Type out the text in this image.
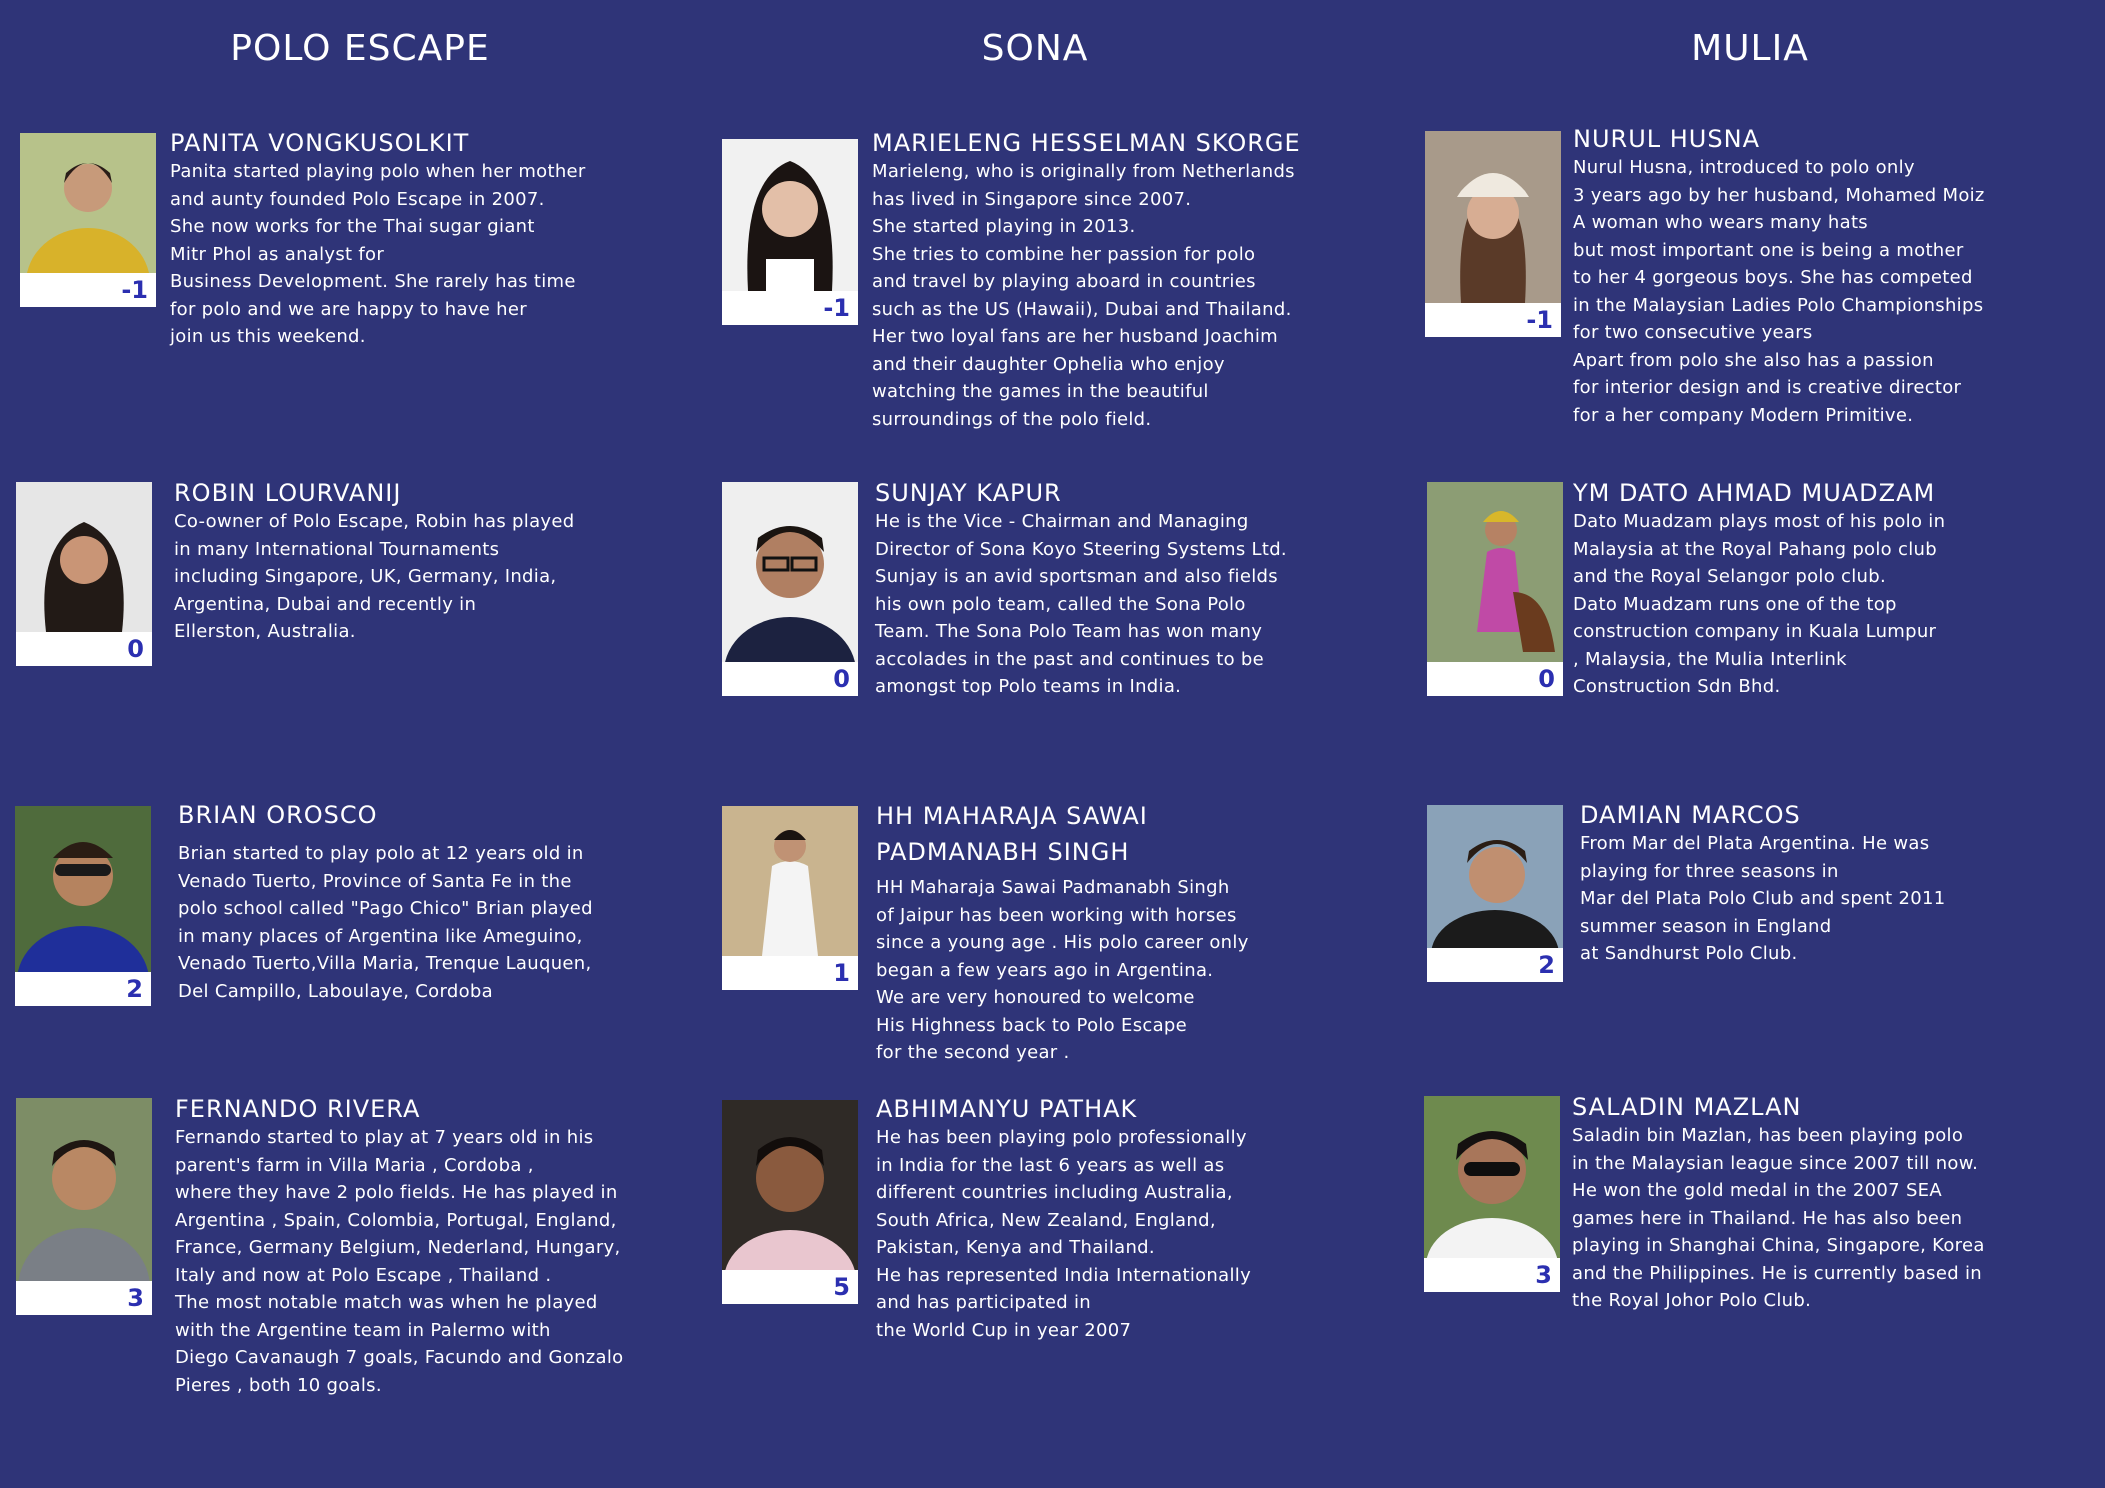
POLO ESCAPE	SONA	MULIA
-1
PANITA VONGKUSOLKIT
Panita started playing polo when her mother
and aunty founded Polo Escape in 2007.
She now works for the Thai sugar giant
Mitr Phol as analyst for
Business Development. She rarely has time
for polo and we are happy to have her
join us this weekend.
0
ROBIN LOURVANIJ
Co-owner of Polo Escape, Robin has played
in many International Tournaments
including Singapore, UK, Germany, India,
Argentina, Dubai and recently in
Ellerston, Australia.
2
BRIAN OROSCO
Brian started to play polo at 12 years old in
Venado Tuerto, Province of Santa Fe in the
polo school called "Pago Chico" Brian played
in many places of Argentina like Ameguino,
Venado Tuerto,Villa Maria, Trenque Lauquen,
Del Campillo, Laboulaye, Cordoba
3
FERNANDO RIVERA
Fernando started to play at 7 years old in his
parent's farm in Villa Maria , Cordoba ,
where they have 2 polo fields. He has played in
Argentina , Spain, Colombia, Portugal, England,
France, Germany Belgium, Nederland, Hungary,
Italy and now at Polo Escape , Thailand .
The most notable match was when he played
with the Argentine team in Palermo with
Diego Cavanaugh 7 goals, Facundo and Gonzalo
Pieres , both 10 goals.
-1
MARIELENG HESSELMAN SKORGE
Marieleng, who is originally from Netherlands
has lived in Singapore since 2007.
She started playing in 2013.
She tries to combine her passion for polo
and travel by playing aboard in countries
such as the US (Hawaii), Dubai and Thailand.
Her two loyal fans are her husband Joachim
and their daughter Ophelia who enjoy
watching the games in the beautiful
surroundings of the polo field.
0
SUNJAY KAPUR
He is the Vice - Chairman and Managing
Director of Sona Koyo Steering Systems Ltd.
Sunjay is an avid sportsman and also fields
his own polo team, called the Sona Polo
Team. The Sona Polo Team has won many
accolades in the past and continues to be
amongst top Polo teams in India.
1
HH MAHARAJA SAWAI
PADMANABH SINGH
HH Maharaja Sawai Padmanabh Singh
of Jaipur has been working with horses
since a young age . His polo career only
began a few years ago in Argentina.
We are very honoured to welcome
His Highness back to Polo Escape
for the second year .
5
ABHIMANYU PATHAK
He has been playing polo professionally
in India for the last 6 years as well as
different countries including Australia,
South Africa, New Zealand, England,
Pakistan, Kenya and Thailand.
He has represented India Internationally
and has participated in
the World Cup in year 2007
-1
NURUL HUSNA
Nurul Husna, introduced to polo only
3 years ago by her husband, Mohamed Moiz
A woman who wears many hats
but most important one is being a mother
to her 4 gorgeous boys. She has competed
in the Malaysian Ladies Polo Championships
for two consecutive years
Apart from polo she also has a passion
for interior design and is creative director
for a her company Modern Primitive.
0
YM DATO AHMAD MUADZAM
Dato Muadzam plays most of his polo in
Malaysia at the Royal Pahang polo club
and the Royal Selangor polo club.
Dato Muadzam runs one of the top
construction company in Kuala Lumpur
, Malaysia, the Mulia Interlink
Construction Sdn Bhd.
2
DAMIAN MARCOS
From Mar del Plata Argentina. He was
playing for three seasons in
Mar del Plata Polo Club and spent 2011
summer season in England
at Sandhurst Polo Club.
3
SALADIN MAZLAN
Saladin bin Mazlan, has been playing polo
in the Malaysian league since 2007 till now.
He won the gold medal in the 2007 SEA
games here in Thailand. He has also been
playing in Shanghai China, Singapore, Korea
and the Philippines. He is currently based in
the Royal Johor Polo Club.
